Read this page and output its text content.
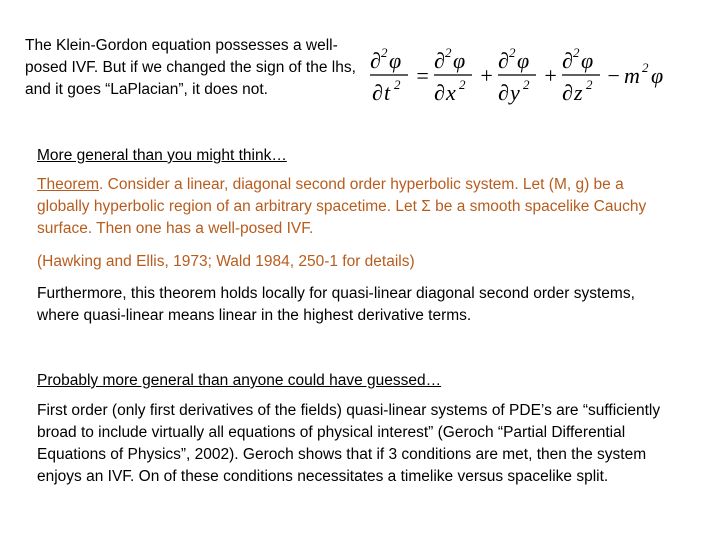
The Klein-Gordon equation possesses a well-posed IVF. But if we changed the sign of the lhs, and it goes “LaPlacian”, it does not.

∂ 2 φ
∂ t 2 =
∂ 2 φ
∂ x 2 +
∂ 2 φ
∂ y 2 +
∂ 2 φ
∂ z 2 − m 2 φ

More general than you might think…

Theorem. Consider a linear, diagonal second order hyperbolic system. Let (M, g) be a globally hyperbolic region of an arbitrary spacetime. Let Σ be a smooth spacelike Cauchy surface. Then one has a well-posed IVF.

(Hawking and Ellis, 1973; Wald 1984, 250-1 for details)

Furthermore, this theorem holds locally for quasi-linear diagonal second order systems, where quasi-linear means linear in the highest derivative terms.

Probably more general than anyone could have guessed…

First order (only first derivatives of the fields) quasi-linear systems of PDE’s are “sufficiently broad to include virtually all equations of physical interest” (Geroch “Partial Differential Equations of Physics”, 2002). Geroch shows that if 3 conditions are met, then the system enjoys an IVF. On of these conditions necessitates a timelike versus spacelike split.
